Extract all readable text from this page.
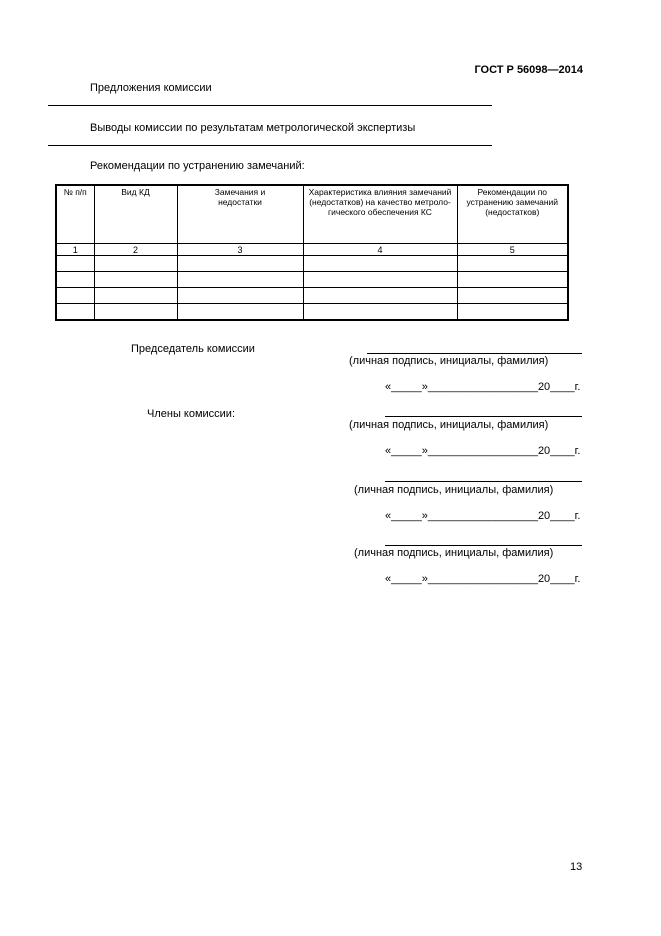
ГОСТ Р 56098—2014
Предложения комиссии
Выводы комиссии по результатам метрологической экспертизы
Рекомендации по устранению замечаний:
№ п/п	Вид КД	Замечания и недостатки	Характеристика влияния замечаний (недостатков) на качество метроло-гического обеспечения КС	Рекомендации по устранению замечаний (недостатков)
1	2	3	4	5

Председатель комиссии
(личная подпись, инициалы, фамилия)
«_____»__________________20____г.
Члены комиссии:
(личная подпись, инициалы, фамилия)
«_____»__________________20____г.
(личная подпись, инициалы, фамилия)
«_____»__________________20____г.
(личная подпись, инициалы, фамилия)
«_____»__________________20____г.
13
